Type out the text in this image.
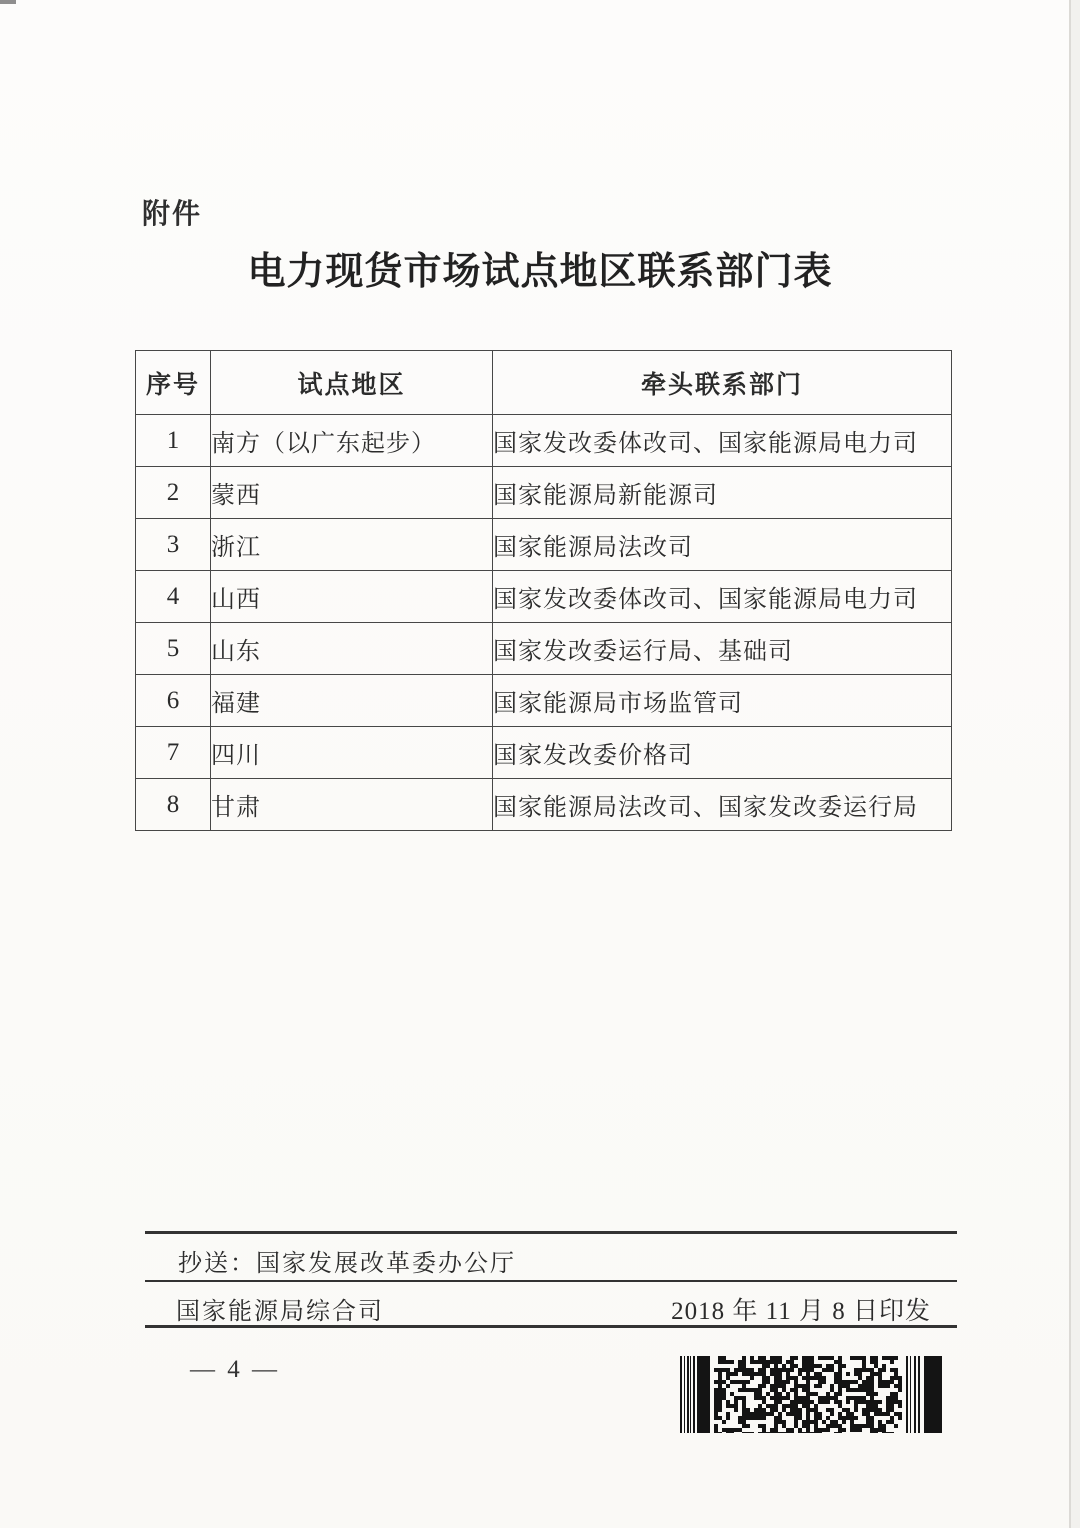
附件
电力现货市场试点地区联系部门表
序号	试点地区	牵头联系部门
1	南方（以广东起步）	国家发改委体改司、国家能源局电力司
2	蒙西	国家能源局新能源司
3	浙江	国家能源局法改司
4	山西	国家发改委体改司、国家能源局电力司
5	山东	国家发改委运行局、基础司
6	福建	国家能源局市场监管司
7	四川	国家发改委价格司
8	甘肃	国家能源局法改司、国家发改委运行局
抄送：国家发展改革委办公厅
国家能源局综合司	2018 年 11 月 8 日印发
— 4 —
